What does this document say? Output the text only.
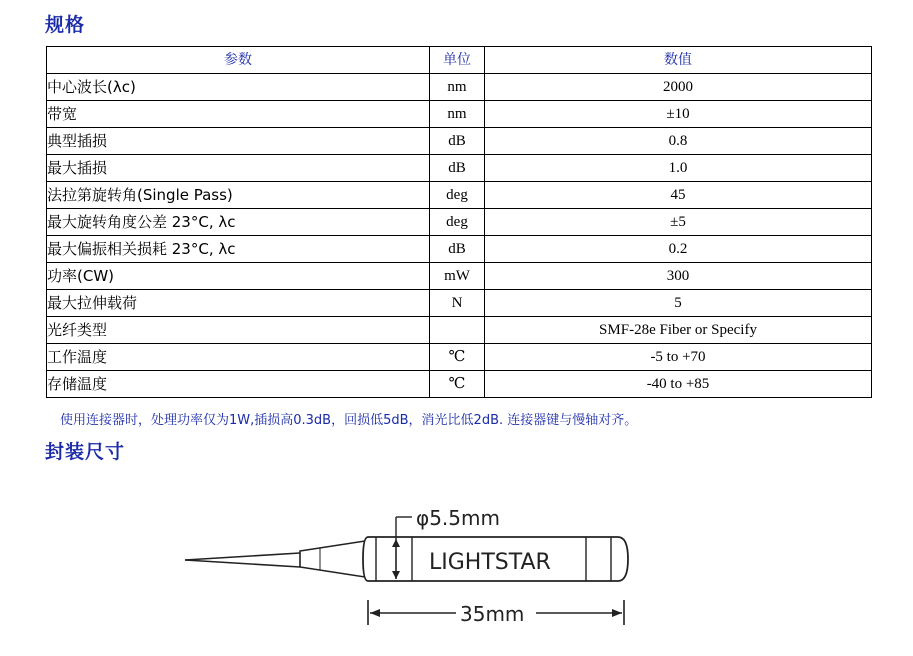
规格
参数	单位	数值
中心波长(λc)	nm	2000
带宽	nm	±10
典型插损	dB	0.8
最大插损	dB	1.0
法拉第旋转角(Single Pass)	deg	45
最大旋转角度公差 23°C, λc	deg	±5
最大偏振相关损耗 23°C, λc	dB	0.2
功率(CW)	mW	300
最大拉伸载荷	N	5
光纤类型		SMF-28e Fiber or Specify
工作温度	℃	-5 to +70
存储温度	℃	-40 to +85
使用连接器时，处理功率仅为1W,插损高0.3dB，回损低5dB，消光比低2dB. 连接器键与慢轴对齐。
封装尺寸
φ5.5mm
LIGHTSTAR
35mm
